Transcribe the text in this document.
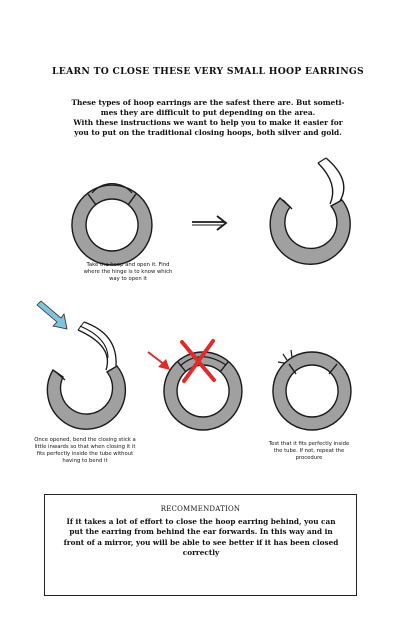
LEARN TO CLOSE THESE VERY SMALL HOOP EARRINGS
These types of hoop earrings are the safest there are. But someti-
mes they are difficult to put depending on the area.
With these instructions we want to help you to make it easier for
you to put on the traditional closing hoops, both silver and gold.
Take the hoop and open it. Find
where the hinge is to know which
way to open it
Once opened, bend the closing stick a
little inwards so that when closing it it
fits perfectly inside the tube without
having to bend it
Test that it fits perfectly inside
the tube. If not, repeat the
procedure
RECOMMENDATION
If it takes a lot of effort to close the hoop earring behind, you can
put the earring from behind the ear forwards. In this way and in
front of a mirror, you will be able to see better if it has been closed
correctly
